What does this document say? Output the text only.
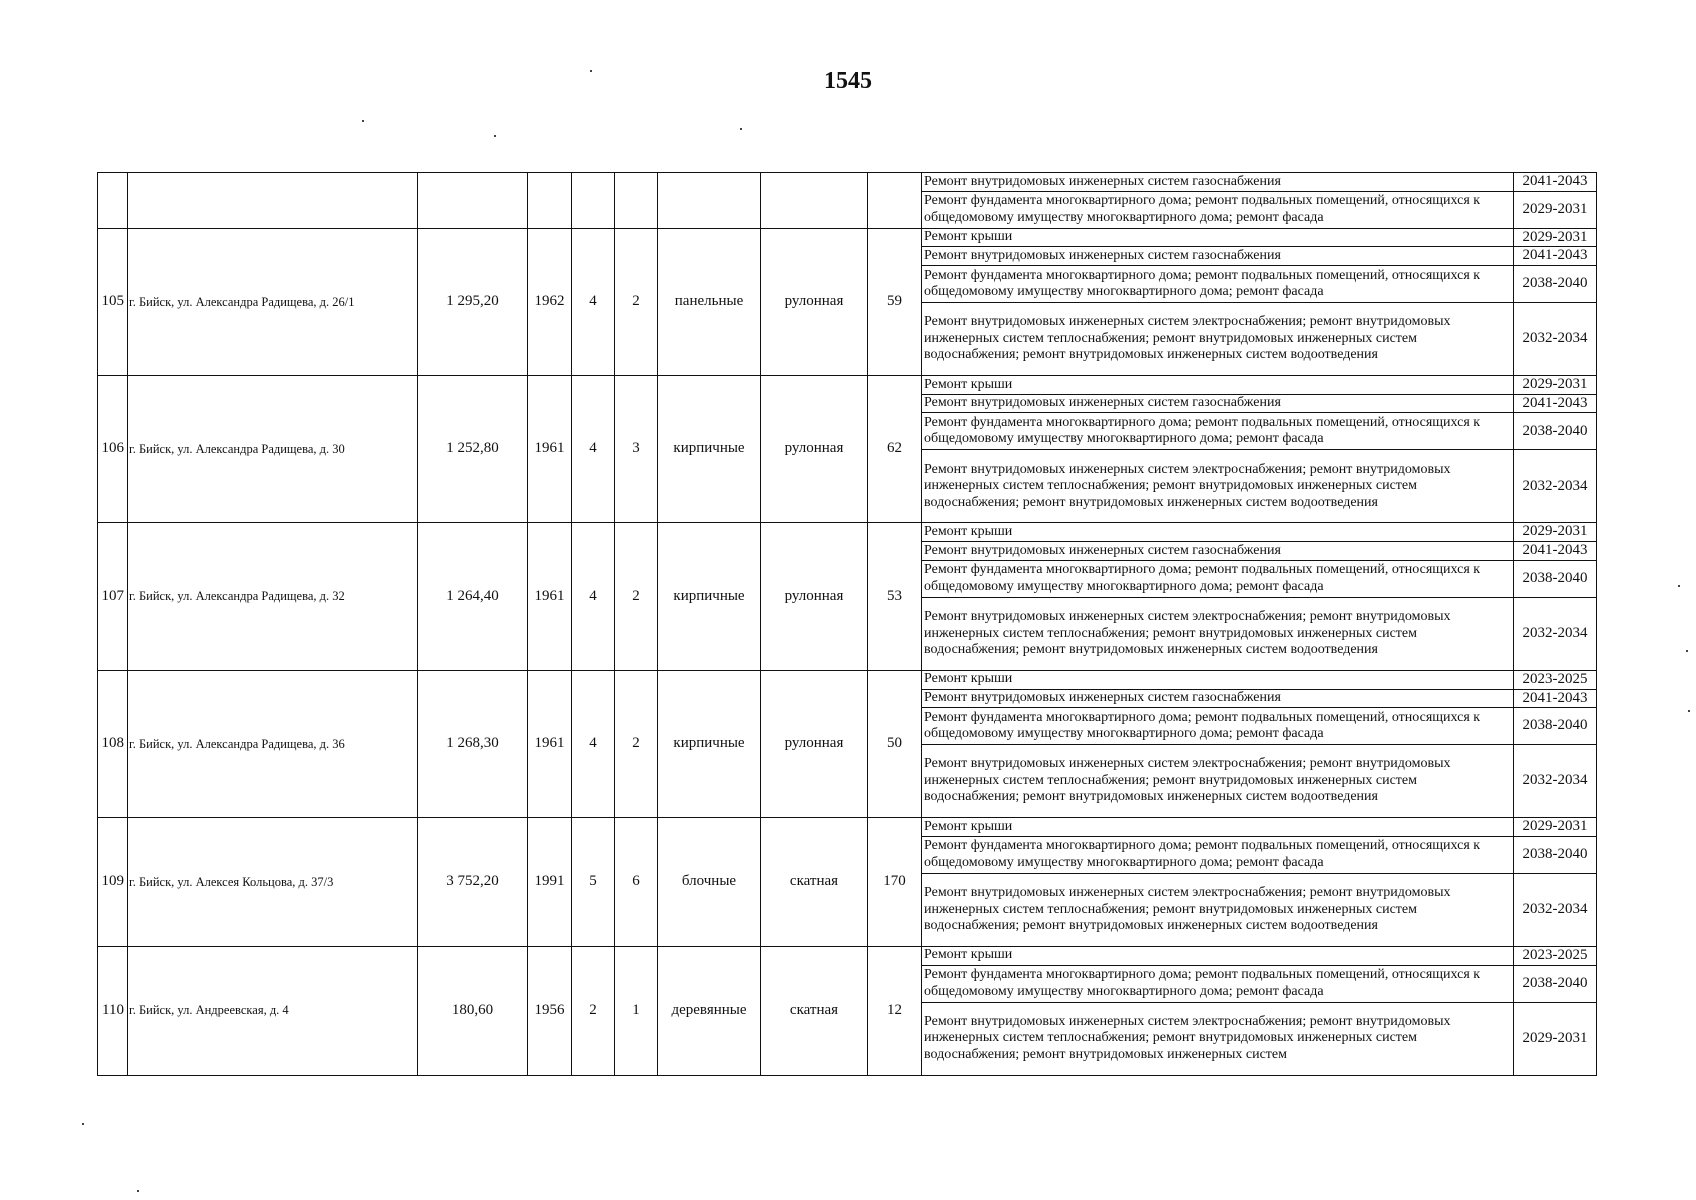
1545
									Ремонт внутридомовых инженерных систем газоснабжения	2041-2043
									Ремонт фундамента многоквартирного дома; ремонт подвальных помещений, относящихся к общедомовому имуществу многоквартирного дома; ремонт фасада	2029-2031
105	г. Бийск, ул. Александра Радищева, д. 26/1	1 295,20	1962	4	2	панельные	рулонная	59	Ремонт крыши	2029-2031
									Ремонт внутридомовых инженерных систем газоснабжения	2041-2043
									Ремонт фундамента многоквартирного дома; ремонт подвальных помещений, относящихся к общедомовому имуществу многоквартирного дома; ремонт фасада	2038-2040
									Ремонт внутридомовых инженерных систем электроснабжения; ремонт внутридомовых инженерных систем теплоснабжения; ремонт внутридомовых инженерных систем водоснабжения; ремонт внутридомовых инженерных систем водоотведения	2032-2034
106	г. Бийск, ул. Александра Радищева, д. 30	1 252,80	1961	4	3	кирпичные	рулонная	62	Ремонт крыши	2029-2031
									Ремонт внутридомовых инженерных систем газоснабжения	2041-2043
									Ремонт фундамента многоквартирного дома; ремонт подвальных помещений, относящихся к общедомовому имуществу многоквартирного дома; ремонт фасада	2038-2040
									Ремонт внутридомовых инженерных систем электроснабжения; ремонт внутридомовых инженерных систем теплоснабжения; ремонт внутридомовых инженерных систем водоснабжения; ремонт внутридомовых инженерных систем водоотведения	2032-2034
107	г. Бийск, ул. Александра Радищева, д. 32	1 264,40	1961	4	2	кирпичные	рулонная	53	Ремонт крыши	2029-2031
									Ремонт внутридомовых инженерных систем газоснабжения	2041-2043
									Ремонт фундамента многоквартирного дома; ремонт подвальных помещений, относящихся к общедомовому имуществу многоквартирного дома; ремонт фасада	2038-2040
									Ремонт внутридомовых инженерных систем электроснабжения; ремонт внутридомовых инженерных систем теплоснабжения; ремонт внутридомовых инженерных систем водоснабжения; ремонт внутридомовых инженерных систем водоотведения	2032-2034
108	г. Бийск, ул. Александра Радищева, д. 36	1 268,30	1961	4	2	кирпичные	рулонная	50	Ремонт крыши	2023-2025
									Ремонт внутридомовых инженерных систем газоснабжения	2041-2043
									Ремонт фундамента многоквартирного дома; ремонт подвальных помещений, относящихся к общедомовому имуществу многоквартирного дома; ремонт фасада	2038-2040
									Ремонт внутридомовых инженерных систем электроснабжения; ремонт внутридомовых инженерных систем теплоснабжения; ремонт внутридомовых инженерных систем водоснабжения; ремонт внутридомовых инженерных систем водоотведения	2032-2034
109	г. Бийск, ул. Алексея Кольцова, д. 37/3	3 752,20	1991	5	6	блочные	скатная	170	Ремонт крыши	2029-2031
									Ремонт фундамента многоквартирного дома; ремонт подвальных помещений, относящихся к общедомовому имуществу многоквартирного дома; ремонт фасада	2038-2040
									Ремонт внутридомовых инженерных систем электроснабжения; ремонт внутридомовых инженерных систем теплоснабжения; ремонт внутридомовых инженерных систем водоснабжения; ремонт внутридомовых инженерных систем водоотведения	2032-2034
110	г. Бийск, ул. Андреевская, д. 4	180,60	1956	2	1	деревянные	скатная	12	Ремонт крыши	2023-2025
									Ремонт фундамента многоквартирного дома; ремонт подвальных помещений, относящихся к общедомовому имуществу многоквартирного дома; ремонт фасада	2038-2040
									Ремонт внутридомовых инженерных систем электроснабжения; ремонт внутридомовых инженерных систем теплоснабжения; ремонт внутридомовых инженерных систем водоснабжения; ремонт внутридомовых инженерных систем	2029-2031
